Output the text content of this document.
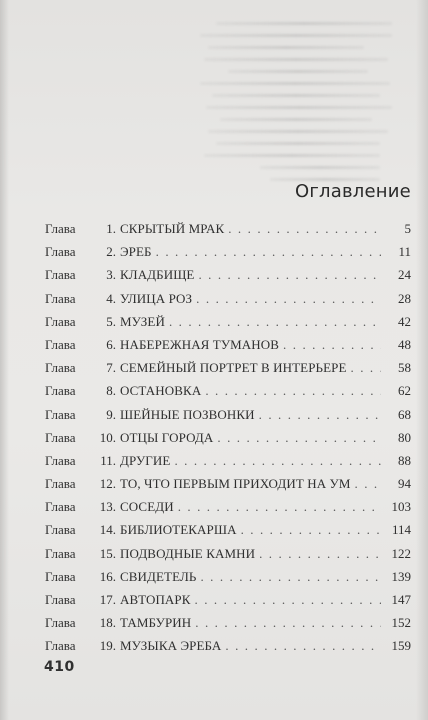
Оглавление
Глава	1. СКРЫТЫЙ МРАК . . .	5
Глава	2. ЭРЕБ . . .	11
Глава	3. КЛАДБИЩЕ . . .	24
Глава	4. УЛИЦА РОЗ . . .	28
Глава	5. МУЗЕЙ . . .	42
Глава	6. НАБЕРЕЖНАЯ ТУМАНОВ . . .	48
Глава	7. СЕМЕЙНЫЙ ПОРТРЕТ В ИНТЕРЬЕРЕ . . .	58
Глава	8. ОСТАНОВКА . . .	62
Глава	9. ШЕЙНЫЕ ПОЗВОНКИ . . .	68
Глава	10. ОТЦЫ ГОРОДА . . .	80
Глава	11. ДРУГИЕ . . .	88
Глава	12. ТО, ЧТО ПЕРВЫМ ПРИХОДИТ НА УМ . . .	94
Глава	13. СОСЕДИ . . .	103
Глава	14. БИБЛИОТЕКАРША . . .	114
Глава	15. ПОДВОДНЫЕ КАМНИ . . .	122
Глава	16. СВИДЕТЕЛЬ . . .	139
Глава	17. АВТОПАРК . . .	147
Глава	18. ТАМБУРИН . . .	152
Глава	19. МУЗЫКА ЭРЕБА . . .	159
410
